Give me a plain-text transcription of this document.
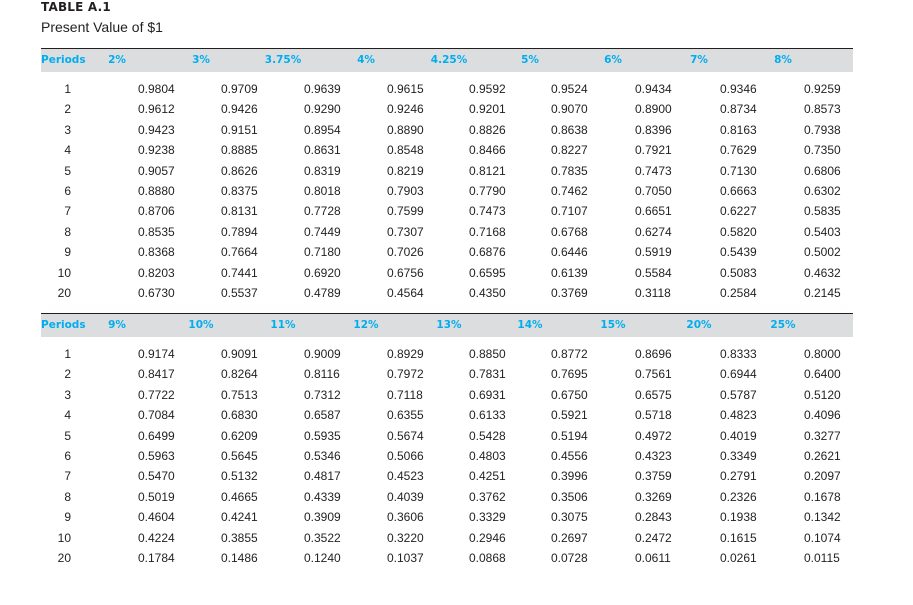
TABLE A.1
Present Value of $1
Periods	2%	3%	3.75%	4%	4.25%	5%	6%	7%	8%
1	0.9804	0.9709	0.9639	0.9615	0.9592	0.9524	0.9434	0.9346	0.9259
2	0.9612	0.9426	0.9290	0.9246	0.9201	0.9070	0.8900	0.8734	0.8573
3	0.9423	0.9151	0.8954	0.8890	0.8826	0.8638	0.8396	0.8163	0.7938
4	0.9238	0.8885	0.8631	0.8548	0.8466	0.8227	0.7921	0.7629	0.7350
5	0.9057	0.8626	0.8319	0.8219	0.8121	0.7835	0.7473	0.7130	0.6806
6	0.8880	0.8375	0.8018	0.7903	0.7790	0.7462	0.7050	0.6663	0.6302
7	0.8706	0.8131	0.7728	0.7599	0.7473	0.7107	0.6651	0.6227	0.5835
8	0.8535	0.7894	0.7449	0.7307	0.7168	0.6768	0.6274	0.5820	0.5403
9	0.8368	0.7664	0.7180	0.7026	0.6876	0.6446	0.5919	0.5439	0.5002
10	0.8203	0.7441	0.6920	0.6756	0.6595	0.6139	0.5584	0.5083	0.4632
20	0.6730	0.5537	0.4789	0.4564	0.4350	0.3769	0.3118	0.2584	0.2145
Periods	9%	10%	11%	12%	13%	14%	15%	20%	25%
1	0.9174	0.9091	0.9009	0.8929	0.8850	0.8772	0.8696	0.8333	0.8000
2	0.8417	0.8264	0.8116	0.7972	0.7831	0.7695	0.7561	0.6944	0.6400
3	0.7722	0.7513	0.7312	0.7118	0.6931	0.6750	0.6575	0.5787	0.5120
4	0.7084	0.6830	0.6587	0.6355	0.6133	0.5921	0.5718	0.4823	0.4096
5	0.6499	0.6209	0.5935	0.5674	0.5428	0.5194	0.4972	0.4019	0.3277
6	0.5963	0.5645	0.5346	0.5066	0.4803	0.4556	0.4323	0.3349	0.2621
7	0.5470	0.5132	0.4817	0.4523	0.4251	0.3996	0.3759	0.2791	0.2097
8	0.5019	0.4665	0.4339	0.4039	0.3762	0.3506	0.3269	0.2326	0.1678
9	0.4604	0.4241	0.3909	0.3606	0.3329	0.3075	0.2843	0.1938	0.1342
10	0.4224	0.3855	0.3522	0.3220	0.2946	0.2697	0.2472	0.1615	0.1074
20	0.1784	0.1486	0.1240	0.1037	0.0868	0.0728	0.0611	0.0261	0.0115
